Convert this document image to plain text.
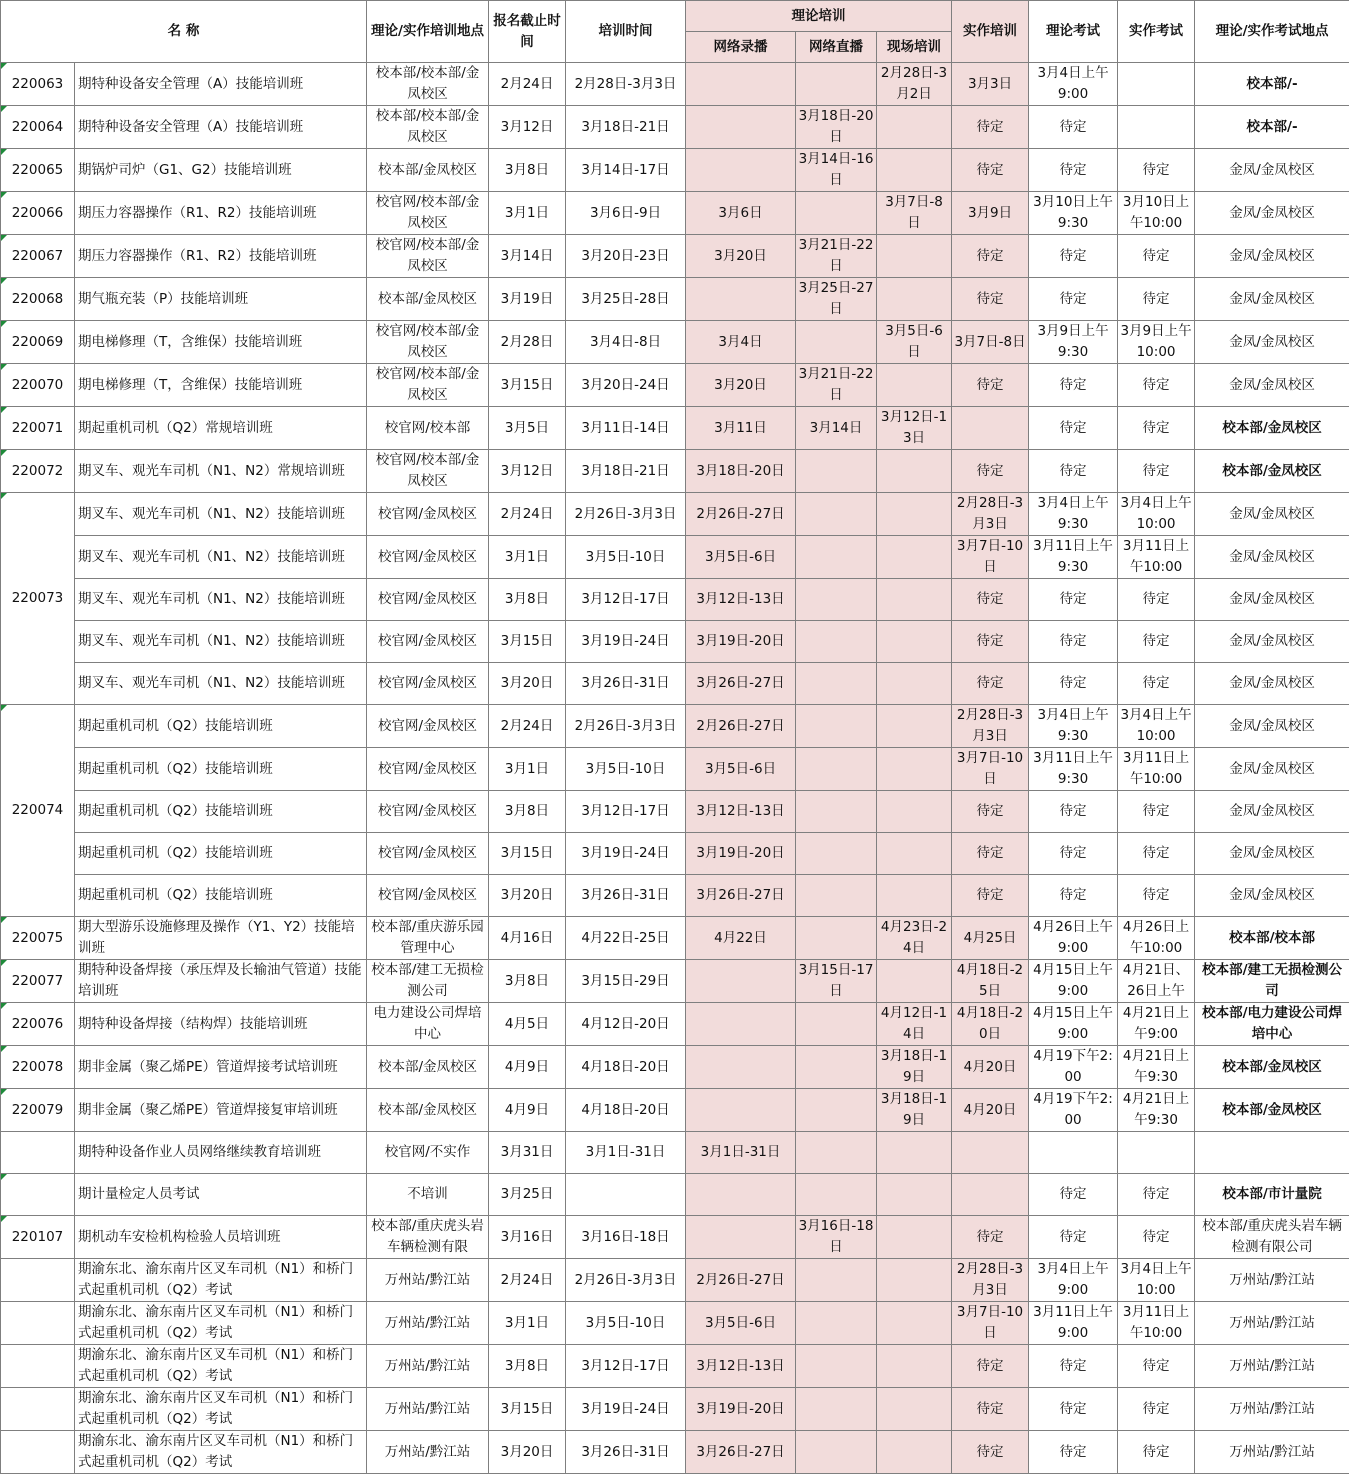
名 称		理论/实作培训地点	报名截止时间	培训时间	理论培训			实作培训	理论考试	实作考试	理论/实作考试地点
					网络录播	网络直播	现场培训				

220063	期特种设备安全管理（A）技能培训班	校本部/校本部/金凤校区	2月24日	2月28日-3月3日			2月28日-3月2日	3月3日	3月4日上午9:00		校本部/-

220064	期特种设备安全管理（A）技能培训班	校本部/校本部/金凤校区	3月12日	3月18日-21日		3月18日-20日		待定	待定		校本部/-

220065	期锅炉司炉（G1、G2）技能培训班	校本部/金凤校区	3月8日	3月14日-17日		3月14日-16日		待定	待定	待定	金凤/金凤校区

220066	期压力容器操作（R1、R2）技能培训班	校官网/校本部/金凤校区	3月1日	3月6日-9日	3月6日		3月7日-8日	3月9日	3月10日上午9:30	3月10日上午10:00	金凤/金凤校区

220067	期压力容器操作（R1、R2）技能培训班	校官网/校本部/金凤校区	3月14日	3月20日-23日	3月20日	3月21日-22日		待定	待定	待定	金凤/金凤校区

220068	期气瓶充装（P）技能培训班	校本部/金凤校区	3月19日	3月25日-28日		3月25日-27日		待定	待定	待定	金凤/金凤校区

220069	期电梯修理（T，含维保）技能培训班	校官网/校本部/金凤校区	2月28日	3月4日-8日	3月4日		3月5日-6日	3月7日-8日	3月9日上午9:30	3月9日上午10:00	金凤/金凤校区

220070	期电梯修理（T，含维保）技能培训班	校官网/校本部/金凤校区	3月15日	3月20日-24日	3月20日	3月21日-22日		待定	待定	待定	金凤/金凤校区

220071	期起重机司机（Q2）常规培训班	校官网/校本部	3月5日	3月11日-14日	3月11日	3月14日	3月12日-13日		待定	待定	校本部/金凤校区

220072	期叉车、观光车司机（N1、N2）常规培训班	校官网/校本部/金凤校区	3月12日	3月18日-21日	3月18日-20日			待定	待定	待定	校本部/金凤校区

220073	期叉车、观光车司机（N1、N2）技能培训班	校官网/金凤校区	2月24日	2月26日-3月3日	2月26日-27日			2月28日-3月3日	3月4日上午9:30	3月4日上午10:00	金凤/金凤校区
	期叉车、观光车司机（N1、N2）技能培训班	校官网/金凤校区	3月1日	3月5日-10日	3月5日-6日			3月7日-10日	3月11日上午9:30	3月11日上午10:00	金凤/金凤校区
	期叉车、观光车司机（N1、N2）技能培训班	校官网/金凤校区	3月8日	3月12日-17日	3月12日-13日			待定	待定	待定	金凤/金凤校区
	期叉车、观光车司机（N1、N2）技能培训班	校官网/金凤校区	3月15日	3月19日-24日	3月19日-20日			待定	待定	待定	金凤/金凤校区
	期叉车、观光车司机（N1、N2）技能培训班	校官网/金凤校区	3月20日	3月26日-31日	3月26日-27日			待定	待定	待定	金凤/金凤校区

220074	期起重机司机（Q2）技能培训班	校官网/金凤校区	2月24日	2月26日-3月3日	2月26日-27日			2月28日-3月3日	3月4日上午9:30	3月4日上午10:00	金凤/金凤校区
	期起重机司机（Q2）技能培训班	校官网/金凤校区	3月1日	3月5日-10日	3月5日-6日			3月7日-10日	3月11日上午9:30	3月11日上午10:00	金凤/金凤校区
	期起重机司机（Q2）技能培训班	校官网/金凤校区	3月8日	3月12日-17日	3月12日-13日			待定	待定	待定	金凤/金凤校区
	期起重机司机（Q2）技能培训班	校官网/金凤校区	3月15日	3月19日-24日	3月19日-20日			待定	待定	待定	金凤/金凤校区
	期起重机司机（Q2）技能培训班	校官网/金凤校区	3月20日	3月26日-31日	3月26日-27日			待定	待定	待定	金凤/金凤校区

220075	期大型游乐设施修理及操作（Y1、Y2）技能培训班	校本部/重庆游乐园管理中心	4月16日	4月22日-25日	4月22日		4月23日-24日	4月25日	4月26日上午9:00	4月26日上午10:00	校本部/校本部

220077	期特种设备焊接（承压焊及长输油气管道）技能培训班	校本部/建工无损检测公司	3月8日	3月15日-29日		3月15日-17日		4月18日-25日	4月15日上午9:00	4月21日、26日上午	校本部/建工无损检测公司

220076	期特种设备焊接（结构焊）技能培训班	电力建设公司焊培中心	4月5日	4月12日-20日			4月12日-14日	4月18日-20日	4月15日上午9:00	4月21日上午9:00	校本部/电力建设公司焊培中心

220078	期非金属（聚乙烯PE）管道焊接考试培训班	校本部/金凤校区	4月9日	4月18日-20日			3月18日-19日	4月20日	4月19下午2:00	4月21日上午9:30	校本部/金凤校区

220079	期非金属（聚乙烯PE）管道焊接复审培训班	校本部/金凤校区	4月9日	4月18日-20日			3月18日-19日	4月20日	4月19下午2:00	4月21日上午9:30	校本部/金凤校区
	期特种设备作业人员网络继续教育培训班	校官网/不实作	3月31日	3月1日-31日	3月1日-31日						

	期计量检定人员考试	不培训	3月25日						待定	待定	校本部/市计量院

220107	期机动车安检机构检验人员培训班	校本部/重庆虎头岩车辆检测有限	3月16日	3月16日-18日		3月16日-18日		待定	待定	待定	校本部/重庆虎头岩车辆检测有限公司
	期渝东北、渝东南片区叉车司机（N1）和桥门式起重机司机（Q2）考试	万州站/黔江站	2月24日	2月26日-3月3日	2月26日-27日			2月28日-3月3日	3月4日上午9:00	3月4日上午10:00	万州站/黔江站
	期渝东北、渝东南片区叉车司机（N1）和桥门式起重机司机（Q2）考试	万州站/黔江站	3月1日	3月5日-10日	3月5日-6日			3月7日-10日	3月11日上午9:00	3月11日上午10:00	万州站/黔江站
	期渝东北、渝东南片区叉车司机（N1）和桥门式起重机司机（Q2）考试	万州站/黔江站	3月8日	3月12日-17日	3月12日-13日			待定	待定	待定	万州站/黔江站
	期渝东北、渝东南片区叉车司机（N1）和桥门式起重机司机（Q2）考试	万州站/黔江站	3月15日	3月19日-24日	3月19日-20日			待定	待定	待定	万州站/黔江站
	期渝东北、渝东南片区叉车司机（N1）和桥门式起重机司机（Q2）考试	万州站/黔江站	3月20日	3月26日-31日	3月26日-27日			待定	待定	待定	万州站/黔江站
